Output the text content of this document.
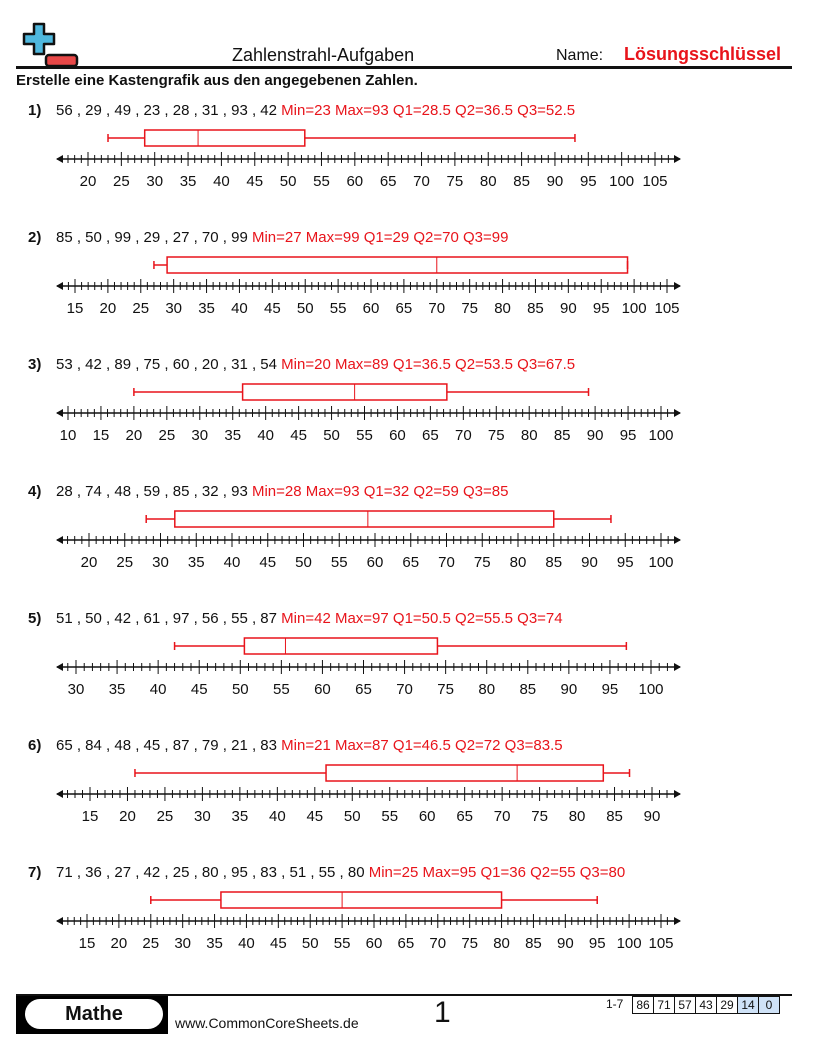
Zahlenstrahl-Aufgaben	Name: Lösungsschlüssel
Erstelle eine Kastengrafik aus den angegebenen Zahlen.
1) 56 , 29 , 49 , 23 , 28 , 31 , 93 , 42 Min=23 Max=93 Q1=28.5 Q2=36.5 Q3=52.5
20 25 30 35 40 45 50 55 60 65 70 75 80 85 90 95 100 105
2) 85 , 50 , 99 , 29 , 27 , 70 , 99 Min=27 Max=99 Q1=29 Q2=70 Q3=99
15 20 25 30 35 40 45 50 55 60 65 70 75 80 85 90 95 100 105
3) 53 , 42 , 89 , 75 , 60 , 20 , 31 , 54 Min=20 Max=89 Q1=36.5 Q2=53.5 Q3=67.5
10 15 20 25 30 35 40 45 50 55 60 65 70 75 80 85 90 95 100
4) 28 , 74 , 48 , 59 , 85 , 32 , 93 Min=28 Max=93 Q1=32 Q2=59 Q3=85
20 25 30 35 40 45 50 55 60 65 70 75 80 85 90 95 100
5) 51 , 50 , 42 , 61 , 97 , 56 , 55 , 87 Min=42 Max=97 Q1=50.5 Q2=55.5 Q3=74
30 35 40 45 50 55 60 65 70 75 80 85 90 95 100
6) 65 , 84 , 48 , 45 , 87 , 79 , 21 , 83 Min=21 Max=87 Q1=46.5 Q2=72 Q3=83.5
15 20 25 30 35 40 45 50 55 60 65 70 75 80 85 90
7) 71 , 36 , 27 , 42 , 25 , 80 , 95 , 83 , 51 , 55 , 80 Min=25 Max=95 Q1=36 Q2=55 Q3=80
15 20 25 30 35 40 45 50 55 60 65 70 75 80 85 90 95 100 105
Mathe	www.CommonCoreSheets.de	1	1-7 86 71 57 43 29 14 0
